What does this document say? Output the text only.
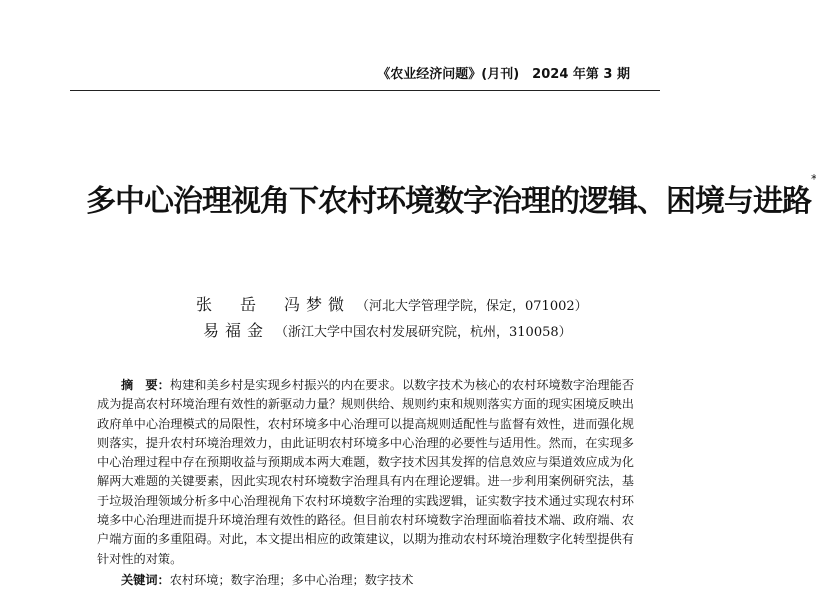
《农业经济问题》(月刊)　2024 年第 3 期
多中心治理视角下农村环境数字治理的逻辑、困境与进路*
张　岳　冯梦微 （河北大学管理学院，保定，071002）
易福金 （浙江大学中国农村发展研究院，杭州，310058）
摘　要：构建和美乡村是实现乡村振兴的内在要求。以数字技术为核心的农村环境数字治理能否成为提高农村环境治理有效性的新驱动力量？规则供给、规则约束和规则落实方面的现实困境反映出政府单中心治理模式的局限性，农村环境多中心治理可以提高规则适配性与监督有效性，进而强化规则落实，提升农村环境治理效力，由此证明农村环境多中心治理的必要性与适用性。然而，在实现多中心治理过程中存在预期收益与预期成本两大难题，数字技术因其发挥的信息效应与渠道效应成为化解两大难题的关键要素，因此实现农村环境数字治理具有内在理论逻辑。进一步利用案例研究法，基于垃圾治理领域分析多中心治理视角下农村环境数字治理的实践逻辑，证实数字技术通过实现农村环境多中心治理进而提升环境治理有效性的路径。但目前农村环境数字治理面临着技术端、政府端、农户端方面的多重阻碍。对此，本文提出相应的政策建议，以期为推动农村环境治理数字化转型提供有针对性的对策。
关键词：农村环境；数字治理；多中心治理；数字技术
